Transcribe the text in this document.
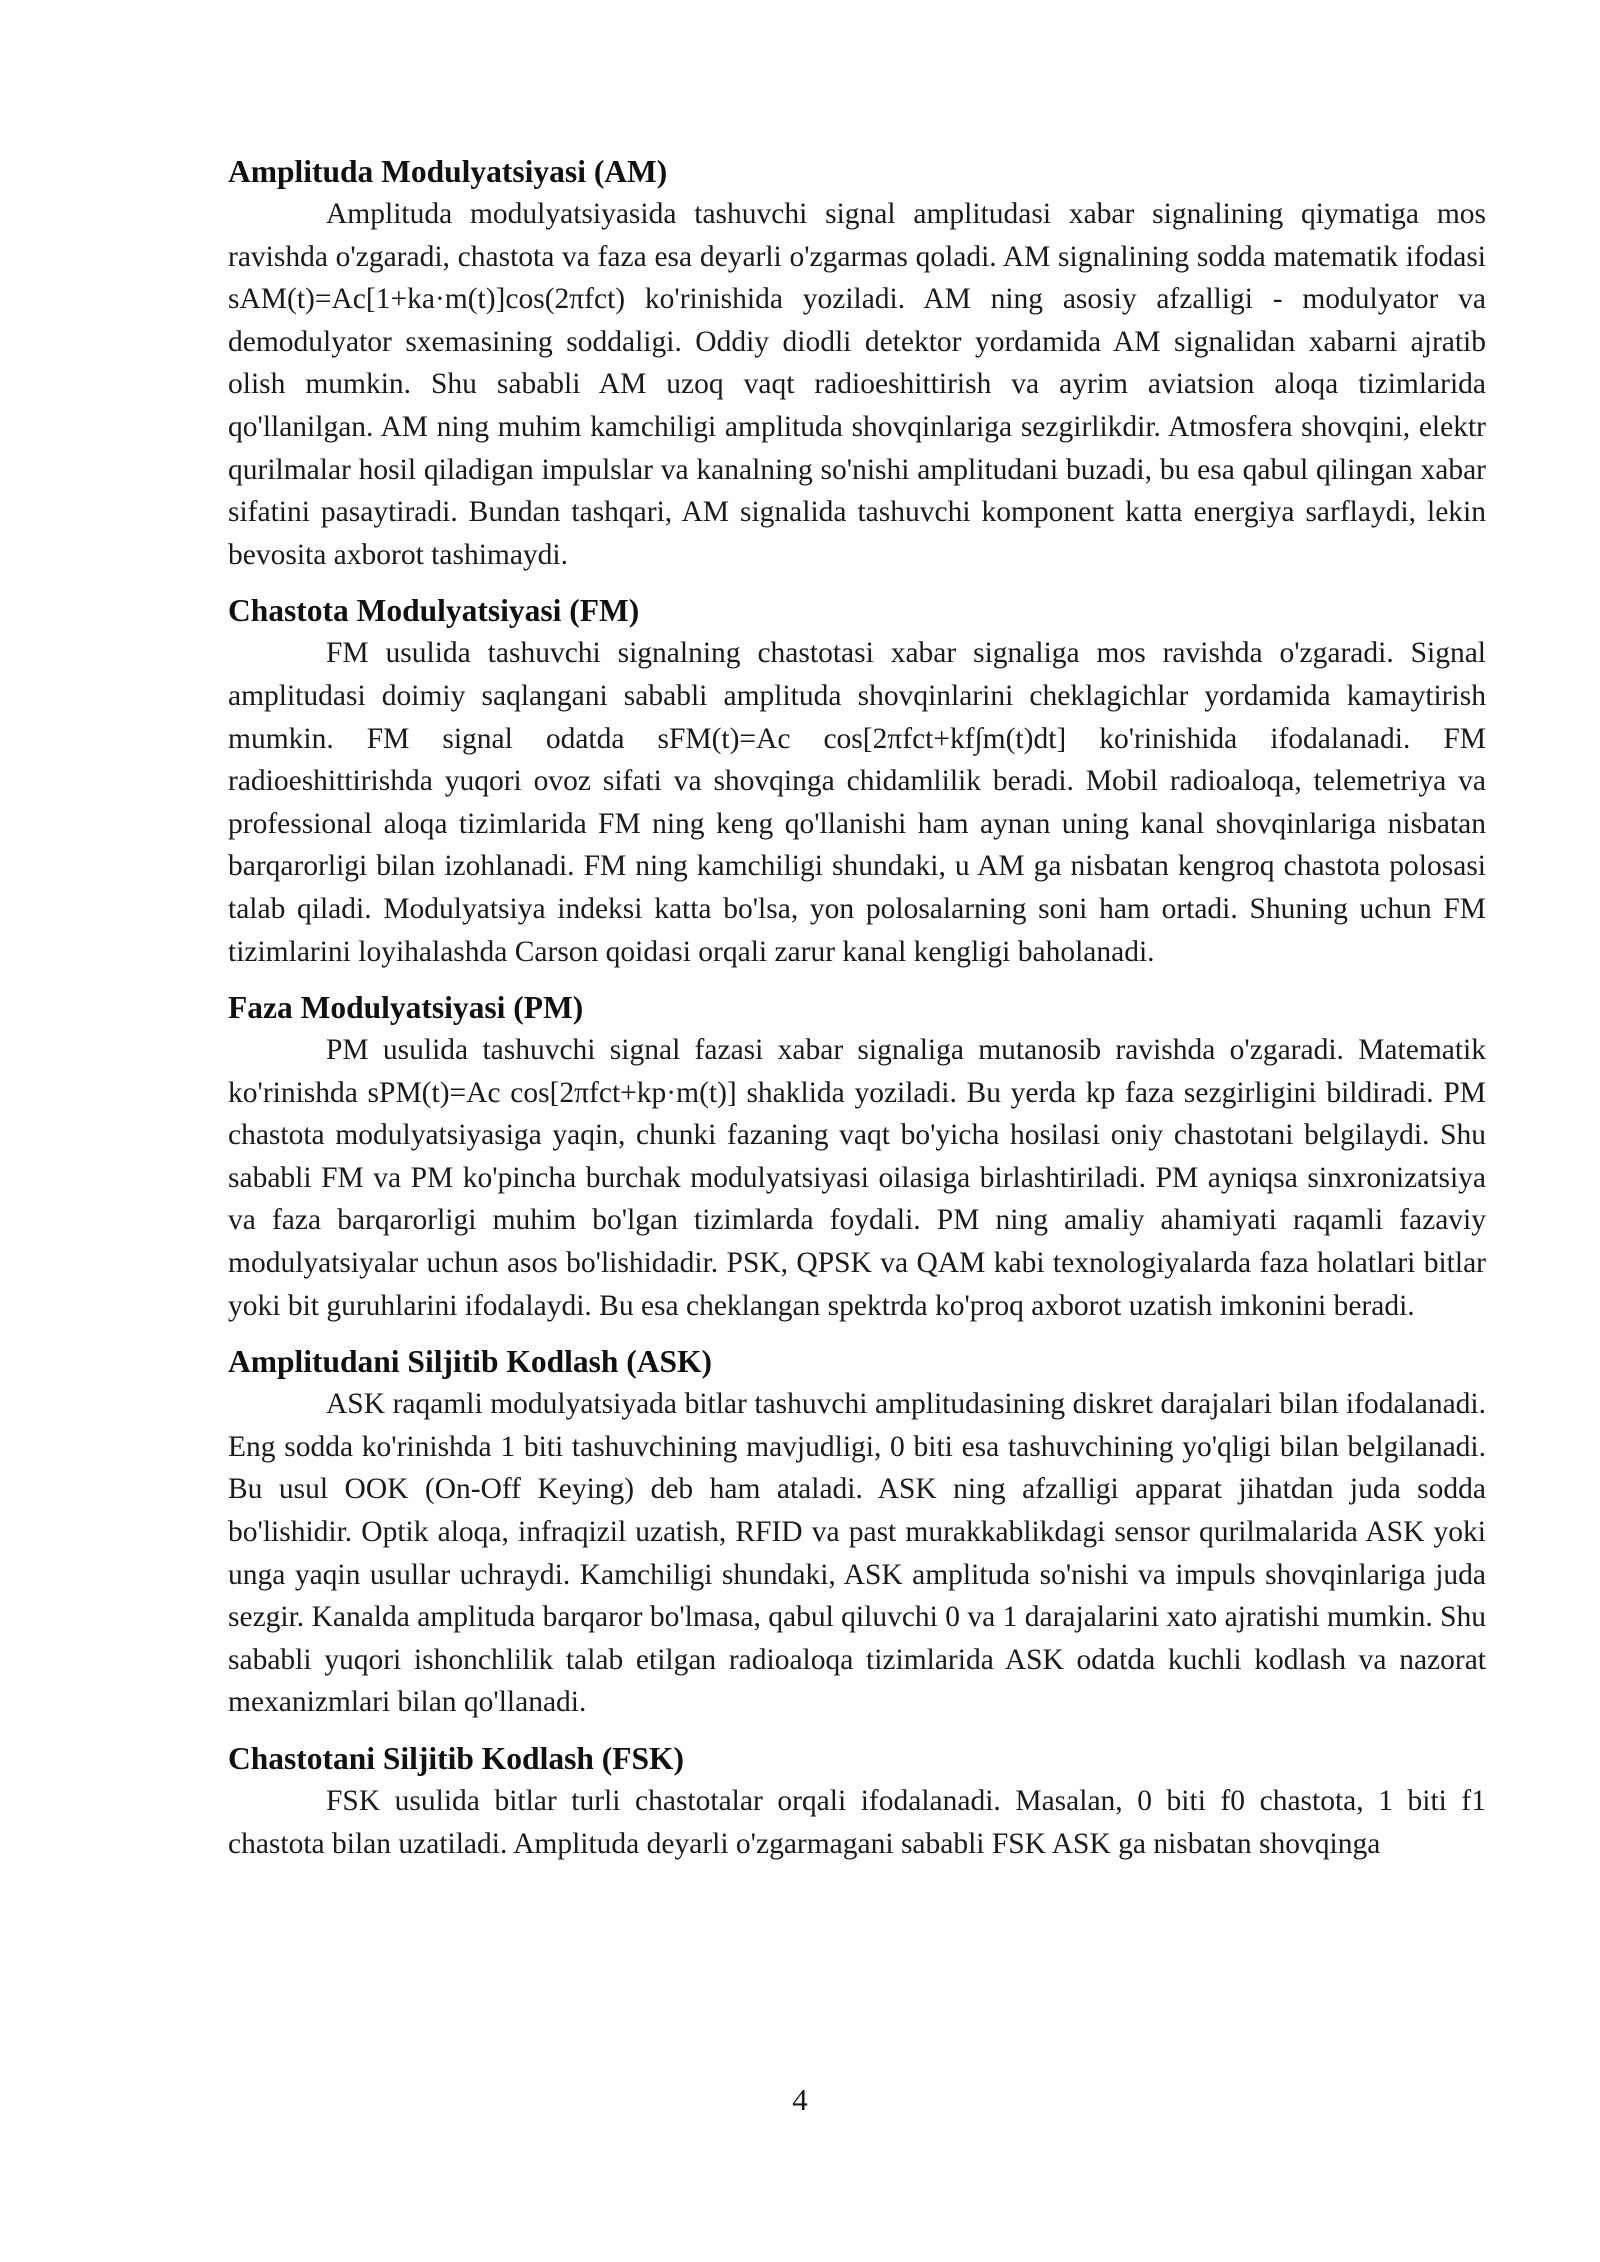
Amplituda Modulyatsiyasi (AM)

Amplituda modulyatsiyasida tashuvchi signal amplitudasi xabar signalining qiymatiga mos ravishda o'zgaradi, chastota va faza esa deyarli o'zgarmas qoladi. AM signalining sodda matematik ifodasi sAM(t)=Ac[1+ka·m(t)]cos(2πfct) ko'rinishida yoziladi. AM ning asosiy afzalligi - modulyator va demodulyator sxemasining soddaligi. Oddiy diodli detektor yordamida AM signalidan xabarni ajratib olish mumkin. Shu sababli AM uzoq vaqt radioeshittirish va ayrim aviatsion aloqa tizimlarida qo'llanilgan. AM ning muhim kamchiligi amplituda shovqinlariga sezgirlikdir. Atmosfera shovqini, elektr qurilmalar hosil qiladigan impulslar va kanalning so'nishi amplitudani buzadi, bu esa qabul qilingan xabar sifatini pasaytiradi. Bundan tashqari, AM signalida tashuvchi komponent katta energiya sarflaydi, lekin bevosita axborot tashimaydi.

Chastota Modulyatsiyasi (FM)

FM usulida tashuvchi signalning chastotasi xabar signaliga mos ravishda o'zgaradi. Signal amplitudasi doimiy saqlangani sababli amplituda shovqinlarini cheklagichlar yordamida kamaytirish mumkin. FM signal odatda sFM(t)=Ac cos[2πfct+kf∫m(t)dt] ko'rinishida ifodalanadi. FM radioeshittirishda yuqori ovoz sifati va shovqinga chidamlilik beradi. Mobil radioaloqa, telemetriya va professional aloqa tizimlarida FM ning keng qo'llanishi ham aynan uning kanal shovqinlariga nisbatan barqarorligi bilan izohlanadi. FM ning kamchiligi shundaki, u AM ga nisbatan kengroq chastota polosasi talab qiladi. Modulyatsiya indeksi katta bo'lsa, yon polosalarning soni ham ortadi. Shuning uchun FM tizimlarini loyihalashda Carson qoidasi orqali zarur kanal kengligi baholanadi.

Faza Modulyatsiyasi (PM)

PM usulida tashuvchi signal fazasi xabar signaliga mutanosib ravishda o'zgaradi. Matematik ko'rinishda sPM(t)=Ac cos[2πfct+kp·m(t)] shaklida yoziladi. Bu yerda kp faza sezgirligini bildiradi. PM chastota modulyatsiyasiga yaqin, chunki fazaning vaqt bo'yicha hosilasi oniy chastotani belgilaydi. Shu sababli FM va PM ko'pincha burchak modulyatsiyasi oilasiga birlashtiriladi. PM ayniqsa sinxronizatsiya va faza barqarorligi muhim bo'lgan tizimlarda foydali. PM ning amaliy ahamiyati raqamli fazaviy modulyatsiyalar uchun asos bo'lishidadir. PSK, QPSK va QAM kabi texnologiyalarda faza holatlari bitlar yoki bit guruhlarini ifodalaydi. Bu esa cheklangan spektrda ko'proq axborot uzatish imkonini beradi.

Amplitudani Siljitib Kodlash (ASK)

ASK raqamli modulyatsiyada bitlar tashuvchi amplitudasining diskret darajalari bilan ifodalanadi. Eng sodda ko'rinishda 1 biti tashuvchining mavjudligi, 0 biti esa tashuvchining yo'qligi bilan belgilanadi. Bu usul OOK (On-Off Keying) deb ham ataladi. ASK ning afzalligi apparat jihatdan juda sodda bo'lishidir. Optik aloqa, infraqizil uzatish, RFID va past murakkablikdagi sensor qurilmalarida ASK yoki unga yaqin usullar uchraydi. Kamchiligi shundaki, ASK amplituda so'nishi va impuls shovqinlariga juda sezgir. Kanalda amplituda barqaror bo'lmasa, qabul qiluvchi 0 va 1 darajalarini xato ajratishi mumkin. Shu sababli yuqori ishonchlilik talab etilgan radioaloqa tizimlarida ASK odatda kuchli kodlash va nazorat mexanizmlari bilan qo'llanadi.

Chastotani Siljitib Kodlash (FSK)

FSK usulida bitlar turli chastotalar orqali ifodalanadi. Masalan, 0 biti f0 chastota, 1 biti f1 chastota bilan uzatiladi. Amplituda deyarli o'zgarmagani sababli FSK ASK ga nisbatan shovqinga

4
